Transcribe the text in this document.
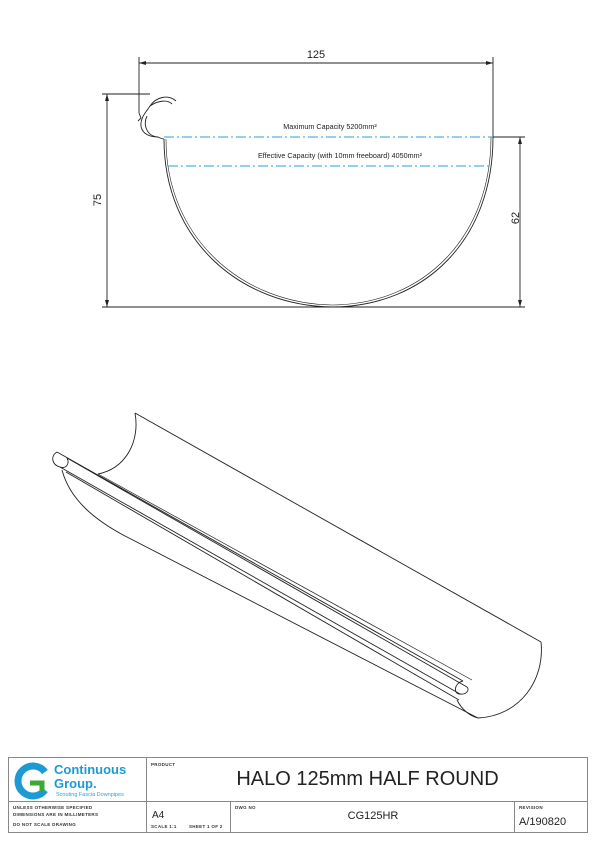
125
75
62
Maximum Capacity 5200mm²
Effective Capacity (with 10mm freeboard) 4050mm²
Continuous
Group.
Scouting Fascia Downpipes
PRODUCT
HALO 125mm HALF ROUND
UNLESS OTHERWISE SPECIFIED
DIMENSIONS ARE IN MILLIMETERS
DO NOT SCALE DRAWING
A4
SCALE 1:1	SHEET 1 OF 2
DWG NO
CG125HR
REVISION
A/190820
